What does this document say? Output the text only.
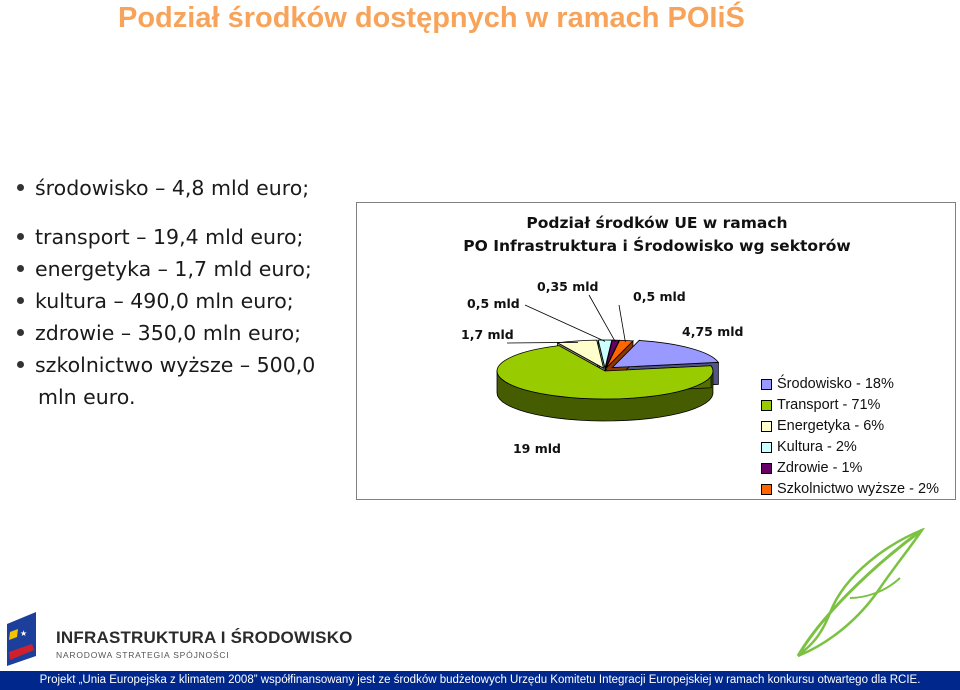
Podział środków dostępnych w ramach POIiŚ
środowisko – 4,8 mld euro;
transport – 19,4 mld euro;
energetyka – 1,7 mld euro;
kultura – 490,0 mln euro;
zdrowie – 350,0 mln euro;
szkolnictwo wyższe – 500,0
mln euro.
Podział środków UE w ramach
PO Infrastruktura i Środowisko wg sektorów
4,75 mld
19 mld
1,7 mld
0,5 mld
0,35 mld
0,5 mld
Środowisko - 18%
Transport - 71%
Energetyka - 6%
Kultura - 2%
Zdrowie - 1%
Szkolnictwo wyższe - 2%
★ INFRASTRUKTURA I ŚRODOWISKO
NARODOWA STRATEGIA SPÓJNOŚCI
Projekt „Unia Europejska z klimatem 2008” współfinansowany jest ze środków budżetowych Urzędu Komitetu Integracji Europejskiej w ramach konkursu otwartego dla RCIE.
